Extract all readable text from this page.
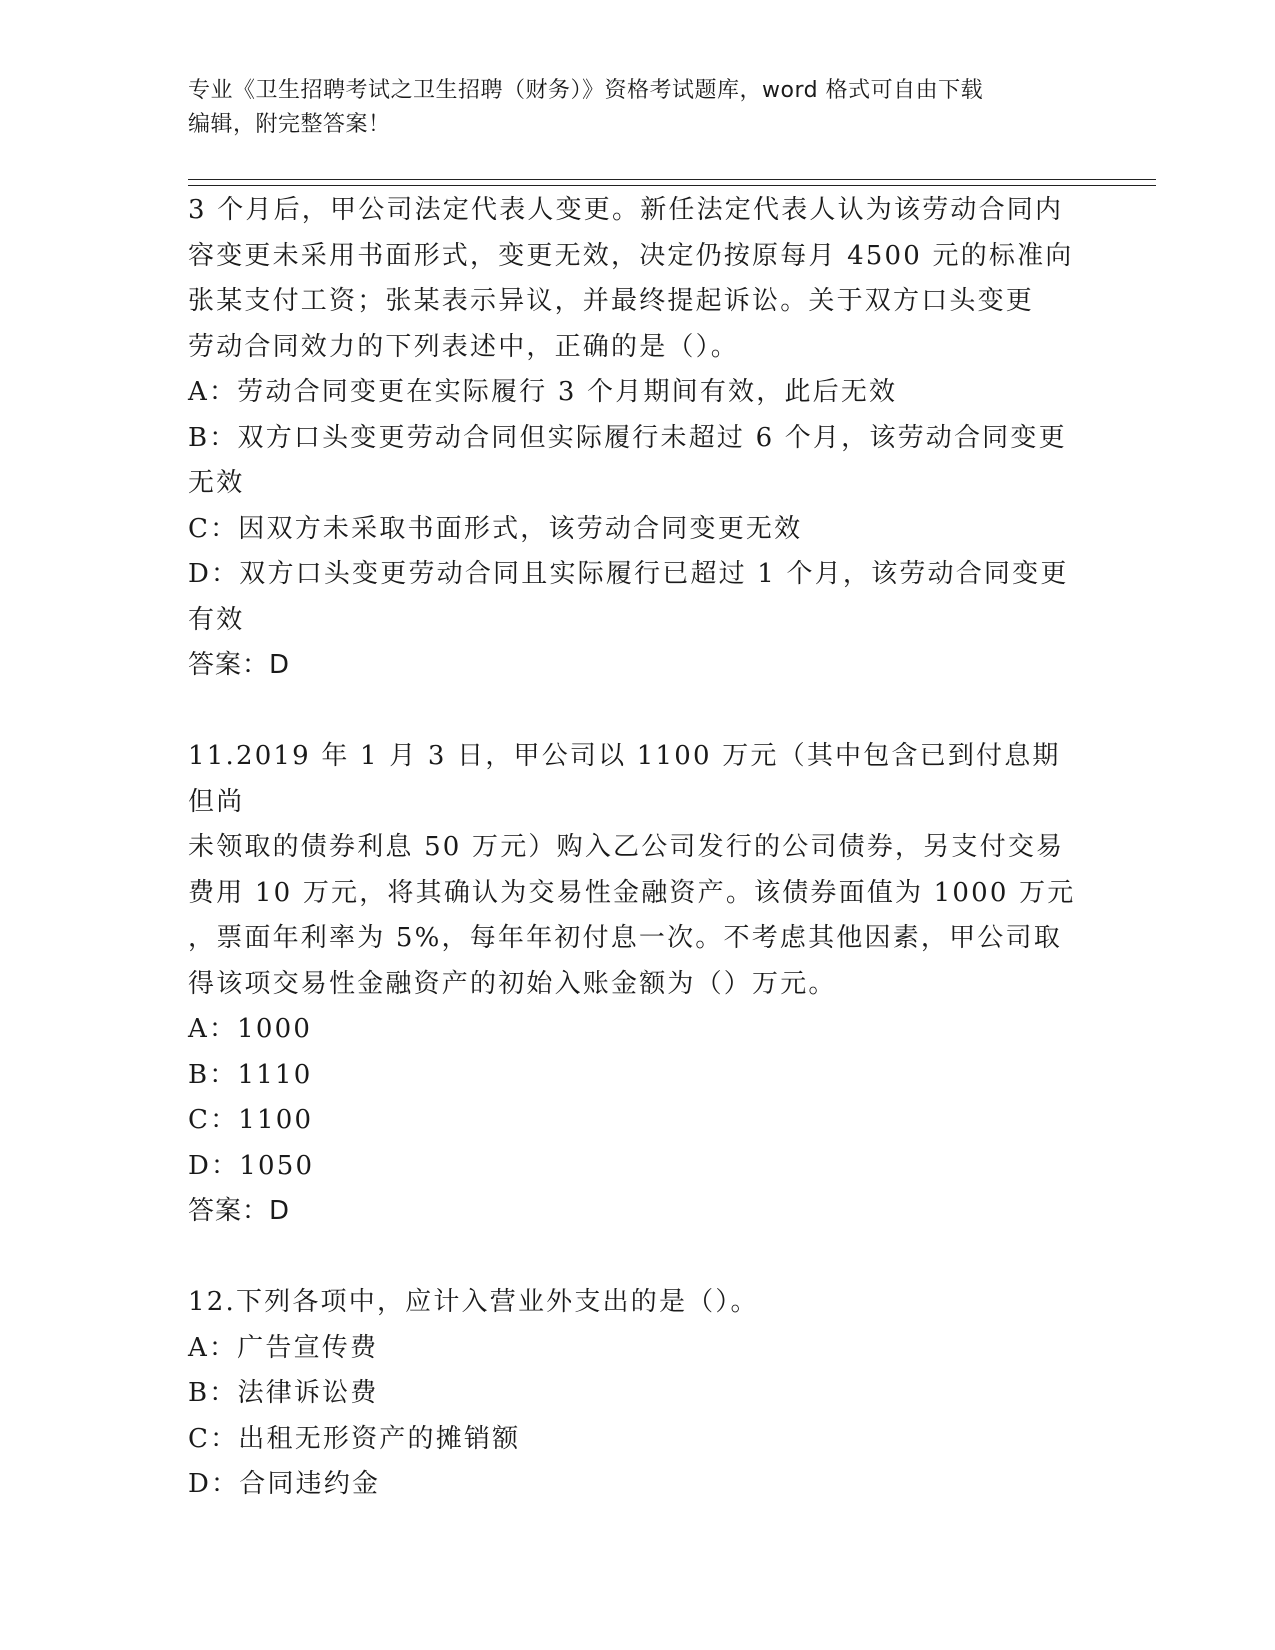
专业《卫生招聘考试之卫生招聘（财务）》资格考试题库，word 格式可自由下载
编辑，附完整答案！

3 个月后，甲公司法定代表人变更。新任法定代表人认为该劳动合同内

容变更未采用书面形式，变更无效，决定仍按原每月 4500 元的标准向

张某支付工资；张某表示异议，并最终提起诉讼。关于双方口头变更

劳动合同效力的下列表述中，正确的是（）。

A：劳动合同变更在实际履行 3 个月期间有效，此后无效

B：双方口头变更劳动合同但实际履行未超过 6 个月，该劳动合同变更

无效

C：因双方未采取书面形式，该劳动合同变更无效

D：双方口头变更劳动合同且实际履行已超过 1 个月，该劳动合同变更

有效

答案：D

11.2019 年 1 月 3 日，甲公司以 1100 万元（其中包含已到付息期但尚

未领取的债券利息 50 万元）购入乙公司发行的公司债券，另支付交易

费用 10 万元，将其确认为交易性金融资产。该债券面值为 1000 万元

，票面年利率为 5%，每年年初付息一次。不考虑其他因素，甲公司取

得该项交易性金融资产的初始入账金额为（）万元。

A：1000

B：1110

C：1100

D：1050

答案：D

12.下列各项中，应计入营业外支出的是（）。

A：广告宣传费

B：法律诉讼费

C：出租无形资产的摊销额

D：合同违约金
